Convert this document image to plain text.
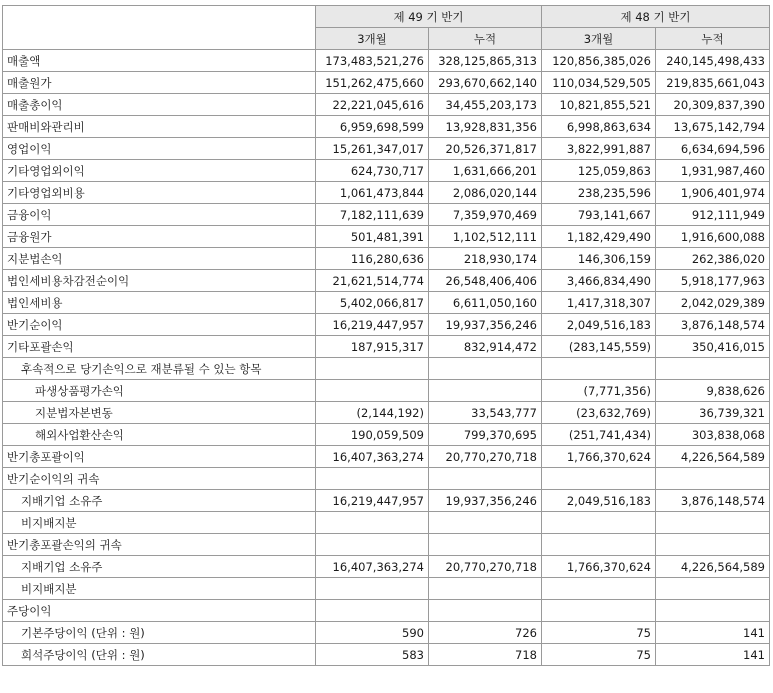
	제 49 기 반기		제 48 기 반기	
	3개월	누적	3개월	누적
매출액	173,483,521,276	328,125,865,313	120,856,385,026	240,145,498,433
매출원가	151,262,475,660	293,670,662,140	110,034,529,505	219,835,661,043
매출총이익	22,221,045,616	34,455,203,173	10,821,855,521	20,309,837,390
판매비와관리비	6,959,698,599	13,928,831,356	6,998,863,634	13,675,142,794
영업이익	15,261,347,017	20,526,371,817	3,822,991,887	6,634,694,596
기타영업외이익	624,730,717	1,631,666,201	125,059,863	1,931,987,460
기타영업외비용	1,061,473,844	2,086,020,144	238,235,596	1,906,401,974
금융이익	7,182,111,639	7,359,970,469	793,141,667	912,111,949
금융원가	501,481,391	1,102,512,111	1,182,429,490	1,916,600,088
지분법손익	116,280,636	218,930,174	146,306,159	262,386,020
법인세비용차감전순이익	21,621,514,774	26,548,406,406	3,466,834,490	5,918,177,963
법인세비용	5,402,066,817	6,611,050,160	1,417,318,307	2,042,029,389
반기순이익	16,219,447,957	19,937,356,246	2,049,516,183	3,876,148,574
기타포괄손익	187,915,317	832,914,472	(283,145,559)	350,416,015
후속적으로 당기손익으로 재분류될 수 있는 항목				
파생상품평가손익			(7,771,356)	9,838,626
지분법자본변동	(2,144,192)	33,543,777	(23,632,769)	36,739,321
해외사업환산손익	190,059,509	799,370,695	(251,741,434)	303,838,068
반기총포괄이익	16,407,363,274	20,770,270,718	1,766,370,624	4,226,564,589
반기순이익의 귀속				
지배기업 소유주	16,219,447,957	19,937,356,246	2,049,516,183	3,876,148,574
비지배지분				
반기총포괄손익의 귀속				
지배기업 소유주	16,407,363,274	20,770,270,718	1,766,370,624	4,226,564,589
비지배지분				
주당이익				
기본주당이익 (단위 : 원)	590	726	75	141
희석주당이익 (단위 : 원)	583	718	75	141
